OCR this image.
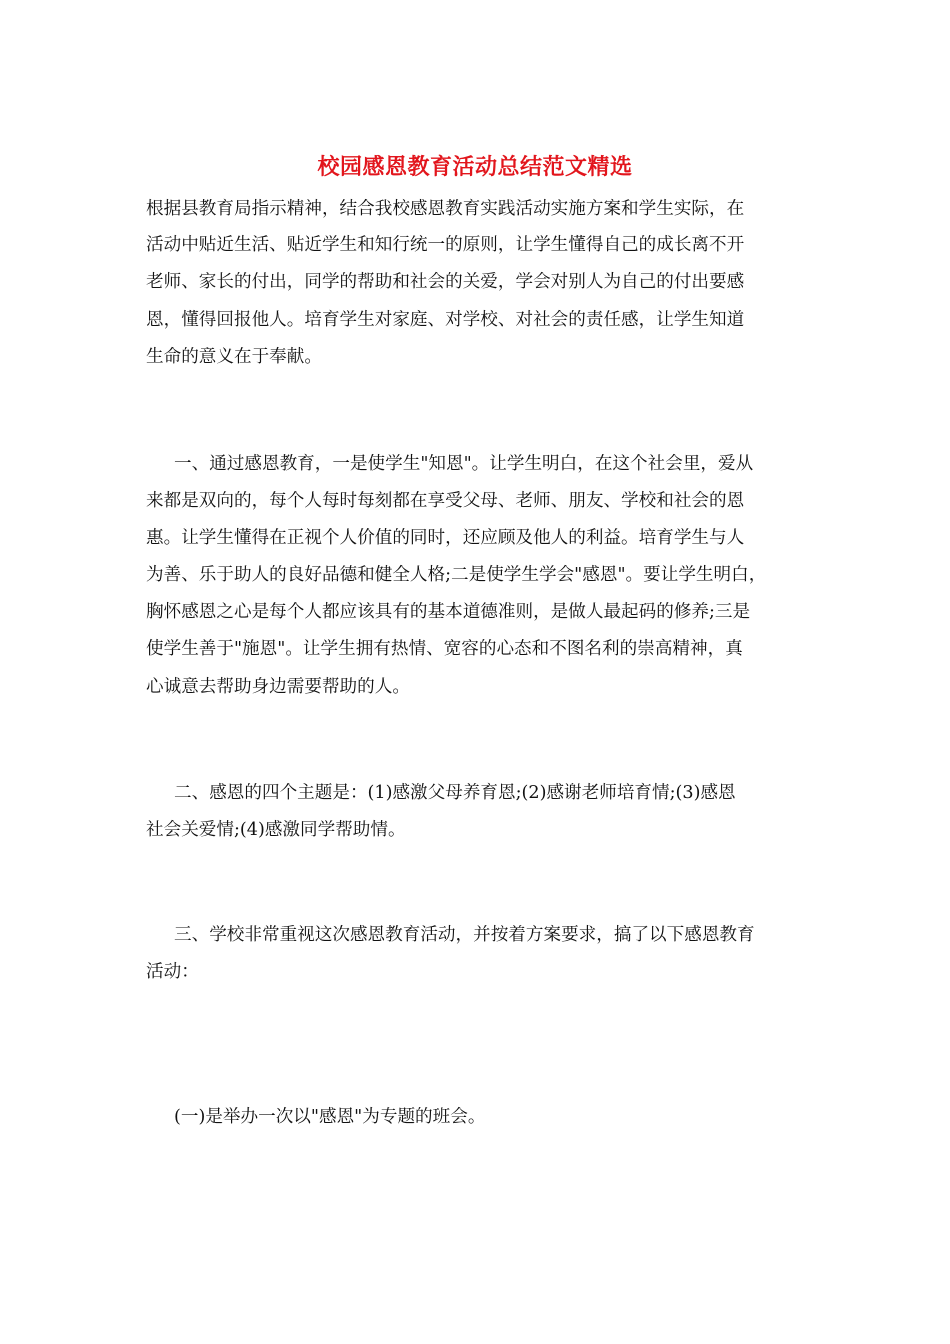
校园感恩教育活动总结范文精选
根据县教育局指示精神，结合我校感恩教育实践活动实施方案和学生实际，在
活动中贴近生活、贴近学生和知行统一的原则，让学生懂得自己的成长离不开
老师、家长的付出，同学的帮助和社会的关爱，学会对别人为自己的付出要感
恩，懂得回报他人。培育学生对家庭、对学校、对社会的责任感，让学生知道
生命的意义在于奉献。
一、通过感恩教育，一是使学生"知恩"。让学生明白，在这个社会里，爱从
来都是双向的，每个人每时每刻都在享受父母、老师、朋友、学校和社会的恩
惠。让学生懂得在正视个人价值的同时，还应顾及他人的利益。培育学生与人
为善、乐于助人的良好品德和健全人格;二是使学生学会"感恩"。要让学生明白，
胸怀感恩之心是每个人都应该具有的基本道德准则，是做人最起码的修养;三是
使学生善于"施恩"。让学生拥有热情、宽容的心态和不图名利的崇高精神，真
心诚意去帮助身边需要帮助的人。
二、感恩的四个主题是：(1)感激父母养育恩;(2)感谢老师培育情;(3)感恩
社会关爱情;(4)感激同学帮助情。
三、学校非常重视这次感恩教育活动，并按着方案要求，搞了以下感恩教育
活动：
(一)是举办一次以"感恩"为专题的班会。
